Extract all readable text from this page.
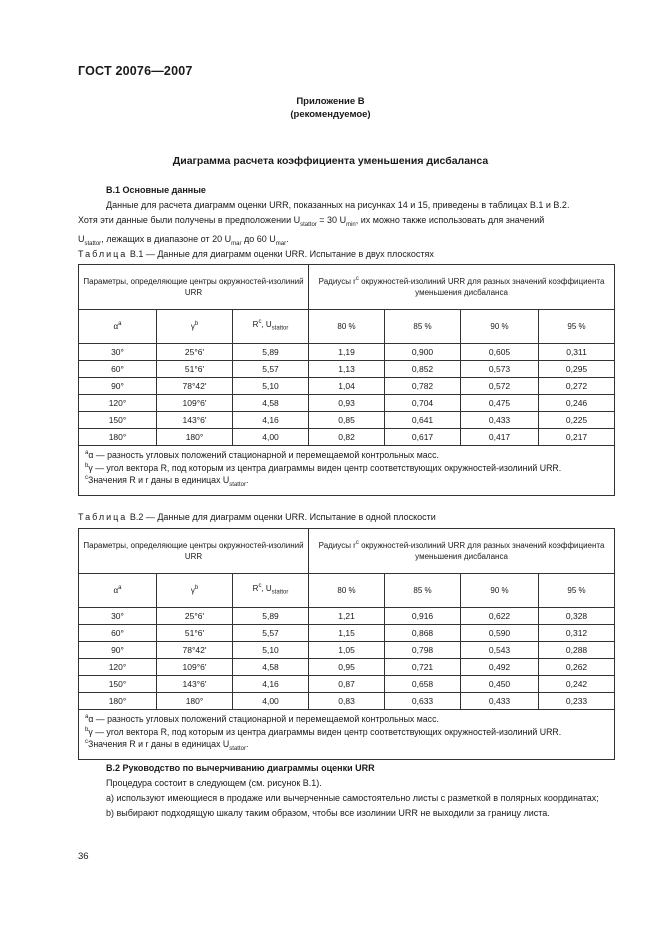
ГОСТ 20076—2007
Приложение В
(рекомендуемое)
Диаграмма расчета коэффициента уменьшения дисбаланса
В.1 Основные данные
Данные для расчета диаграмм оценки URR, показанных на рисунках 14 и 15, приведены в таблицах В.1 и В.2.
Хотя эти данные были получены в предположении $U_{stattor} = 30$ $U_{min}$, их можно также использовать для значений
$U_{stattor}$, лежащих в диапазоне от 20 $U_{mar}$ до 60 $U_{mar}$.
Таблица В.1 — Данные для диаграмм оценки URR. Испытание в двух плоскостях
Параметры, определяющие центры окружностей-изолиний URR			Радиусы $r^с$ окружностей-изолиний URR для разных значений коэффициента уменьшения дисбаланса			
$\alpha^а$	$\gamma^b$	$R^с$, $U_{stattor}$	80 %	85 %	90 %	95 %
30°	25°6'	5,89	1,19	0,900	0,605	0,311
60°	51°6'	5,57	1,13	0,852	0,573	0,295
90°	78°42'	5,10	1,04	0,782	0,572	0,272
120°	109°6'	4,58	0,93	0,704	0,475	0,246
150°	143°6'	4,16	0,85	0,641	0,433	0,225
180°	180°	4,00	0,82	0,617	0,417	0,217

$^а$α — разность угловых положений стационарной и перемещаемой контрольных масс.
$^b$γ — угол вектора R, под которым из центра диаграммы виден центр соответствующих окружностей-изолиний URR.
$^с$Значения R и r даны в единицах $U_{stattor}$.						
Таблица В.2 — Данные для диаграмм оценки URR. Испытание в одной плоскости
Параметры, определяющие центры окружностей-изолиний URR			Радиусы $r^с$ окружностей-изолиний URR для разных значений коэффициента уменьшения дисбаланса			
$\alpha^а$	$\gamma^b$	$R^с$, $U_{stattor}$	80 %	85 %	90 %	95 %
30°	25°6'	5,89	1,21	0,916	0,622	0,328
60°	51°6'	5,57	1,15	0,868	0,590	0,312
90°	78°42'	5,10	1,05	0,798	0,543	0,288
120°	109°6'	4,58	0,95	0,721	0,492	0,262
150°	143°6'	4,16	0,87	0,658	0,450	0,242
180°	180°	4,00	0,83	0,633	0,433	0,233

$^а$α — разность угловых положений стационарной и перемещаемой контрольных масс.
$^b$γ — угол вектора R, под которым из центра диаграммы виден центр соответствующих окружностей-изолиний URR.
$^с$Значения R и r даны в единицах $U_{stattor}$.						
В.2 Руководство по вычерчиванию диаграммы оценки URR
Процедура состоит в следующем (см. рисунок В.1).
а) используют имеющиеся в продаже или вычерченные самостоятельно листы с разметкой в полярных координатах;
b) выбирают подходящую шкалу таким образом, чтобы все изолинии URR не выходили за границу листа.
36
